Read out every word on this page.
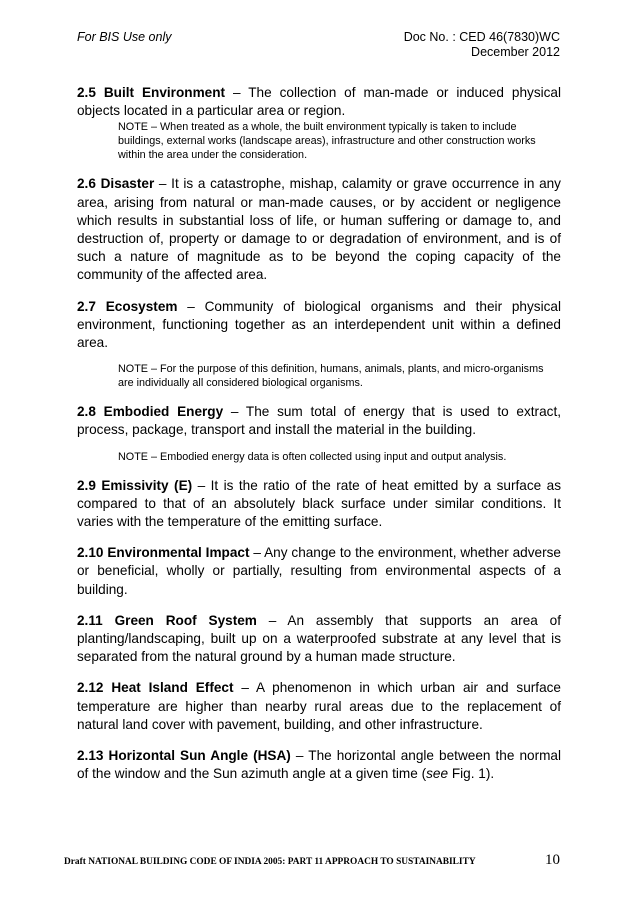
For BIS Use only	Doc No. : CED 46(7830)WC
December 2012

2.5 Built Environment – The collection of man-made or induced physical objects located in a particular area or region.

NOTE – When treated as a whole, the built environment typically is taken to include buildings, external works (landscape areas), infrastructure and other construction works within the area under the consideration.

2.6 Disaster – It is a catastrophe, mishap, calamity or grave occurrence in any area, arising from natural or man-made causes, or by accident or negligence which results in substantial loss of life, or human suffering or damage to, and destruction of, property or damage to or degradation of environment, and is of such a nature of magnitude as to be beyond the coping capacity of the community of the affected area.

2.7 Ecosystem – Community of biological organisms and their physical environment, functioning together as an interdependent unit within a defined area.

NOTE – For the purpose of this definition, humans, animals, plants, and micro-organisms are individually all considered biological organisms.

2.8 Embodied Energy – The sum total of energy that is used to extract, process, package, transport and install the material in the building.

NOTE – Embodied energy data is often collected using input and output analysis.

2.9 Emissivity (E) – It is the ratio of the rate of heat emitted by a surface as compared to that of an absolutely black surface under similar conditions. It varies with the temperature of the emitting surface.

2.10 Environmental Impact – Any change to the environment, whether adverse or beneficial, wholly or partially, resulting from environmental aspects of a building.

2.11 Green Roof System – An assembly that supports an area of planting/landscaping, built up on a waterproofed substrate at any level that is separated from the natural ground by a human made structure.

2.12 Heat Island Effect – A phenomenon in which urban air and surface temperature are higher than nearby rural areas due to the replacement of natural land cover with pavement, building, and other infrastructure.

2.13 Horizontal Sun Angle (HSA) – The horizontal angle between the normal of the window and the Sun azimuth angle at a given time (see Fig. 1).

Draft NATIONAL BUILDING CODE OF INDIA 2005: PART 11 APPROACH TO SUSTAINABILITY	10
